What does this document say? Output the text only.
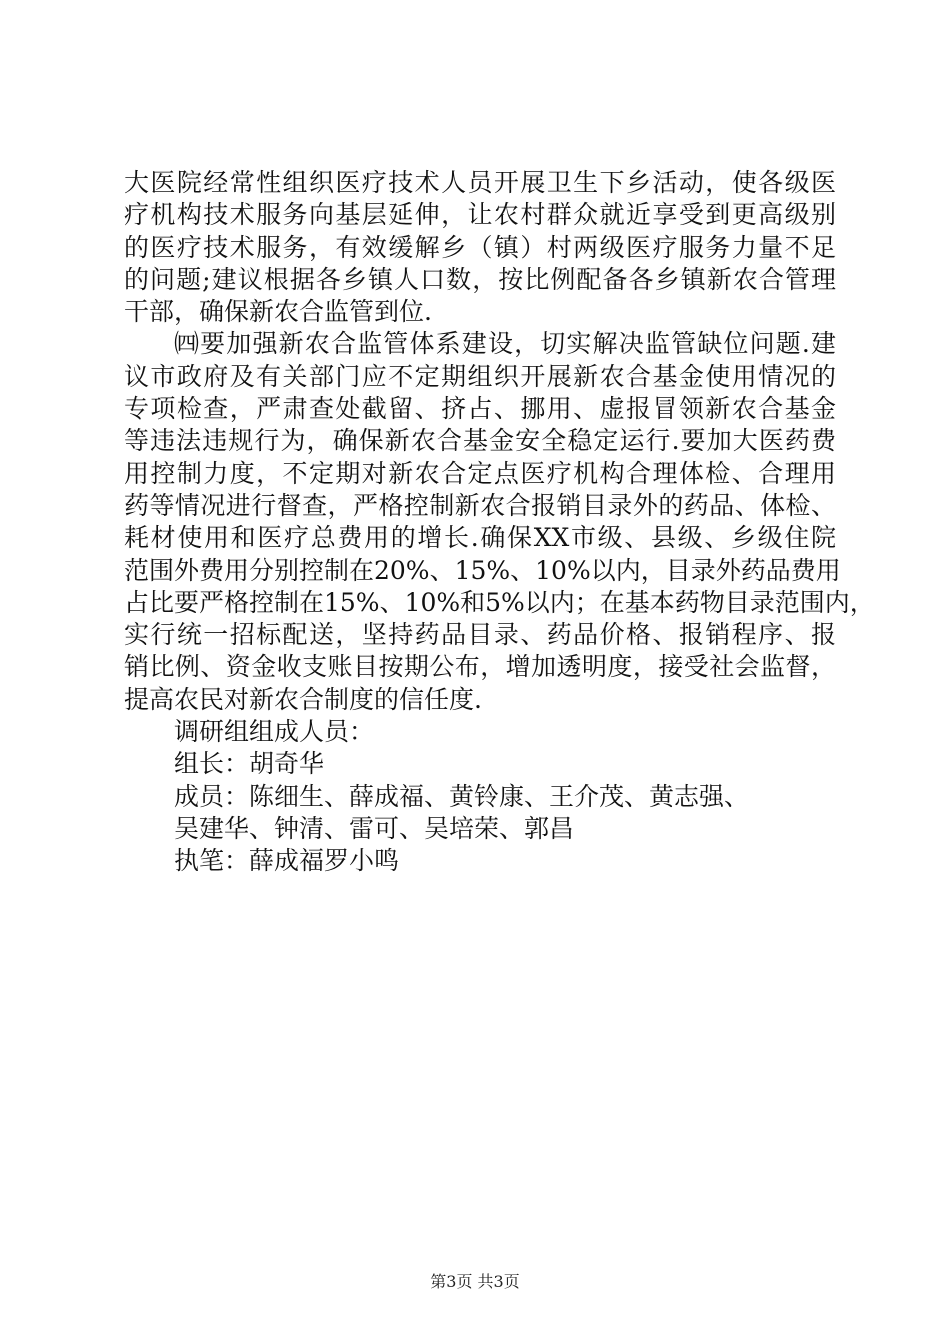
大医院经常性组织医疗技术人员开展卫生下乡活动，使各级医
疗机构技术服务向基层延伸，让农村群众就近享受到更高级别
的医疗技术服务，有效缓解乡（镇）村两级医疗服务力量不足
的问题;建议根据各乡镇人口数，按比例配备各乡镇新农合管理
干部，确保新农合监管到位.
㈣要加强新农合监管体系建设，切实解决监管缺位问题.建
议市政府及有关部门应不定期组织开展新农合基金使用情况的
专项检查，严肃查处截留、挤占、挪用、虚报冒领新农合基金
等违法违规行为，确保新农合基金安全稳定运行.要加大医药费
用控制力度，不定期对新农合定点医疗机构合理体检、合理用
药等情况进行督查，严格控制新农合报销目录外的药品、体检、
耗材使用和医疗总费用的增长.确保XX市级、县级、乡级住院
范围外费用分别控制在20%、15%、10%以内，目录外药品费用
占比要严格控制在15%、10%和5%以内；在基本药物目录范围内，
实行统一招标配送，坚持药品目录、药品价格、报销程序、报
销比例、资金收支账目按期公布，增加透明度，接受社会监督，
提高农民对新农合制度的信任度.
调研组组成人员：
组长：胡奇华
成员：陈细生、薛成福、黄铃康、王介茂、黄志强、
吴建华、钟清、雷可、吴培荣、郭昌
执笔：薛成福罗小鸣
第3页 共3页
